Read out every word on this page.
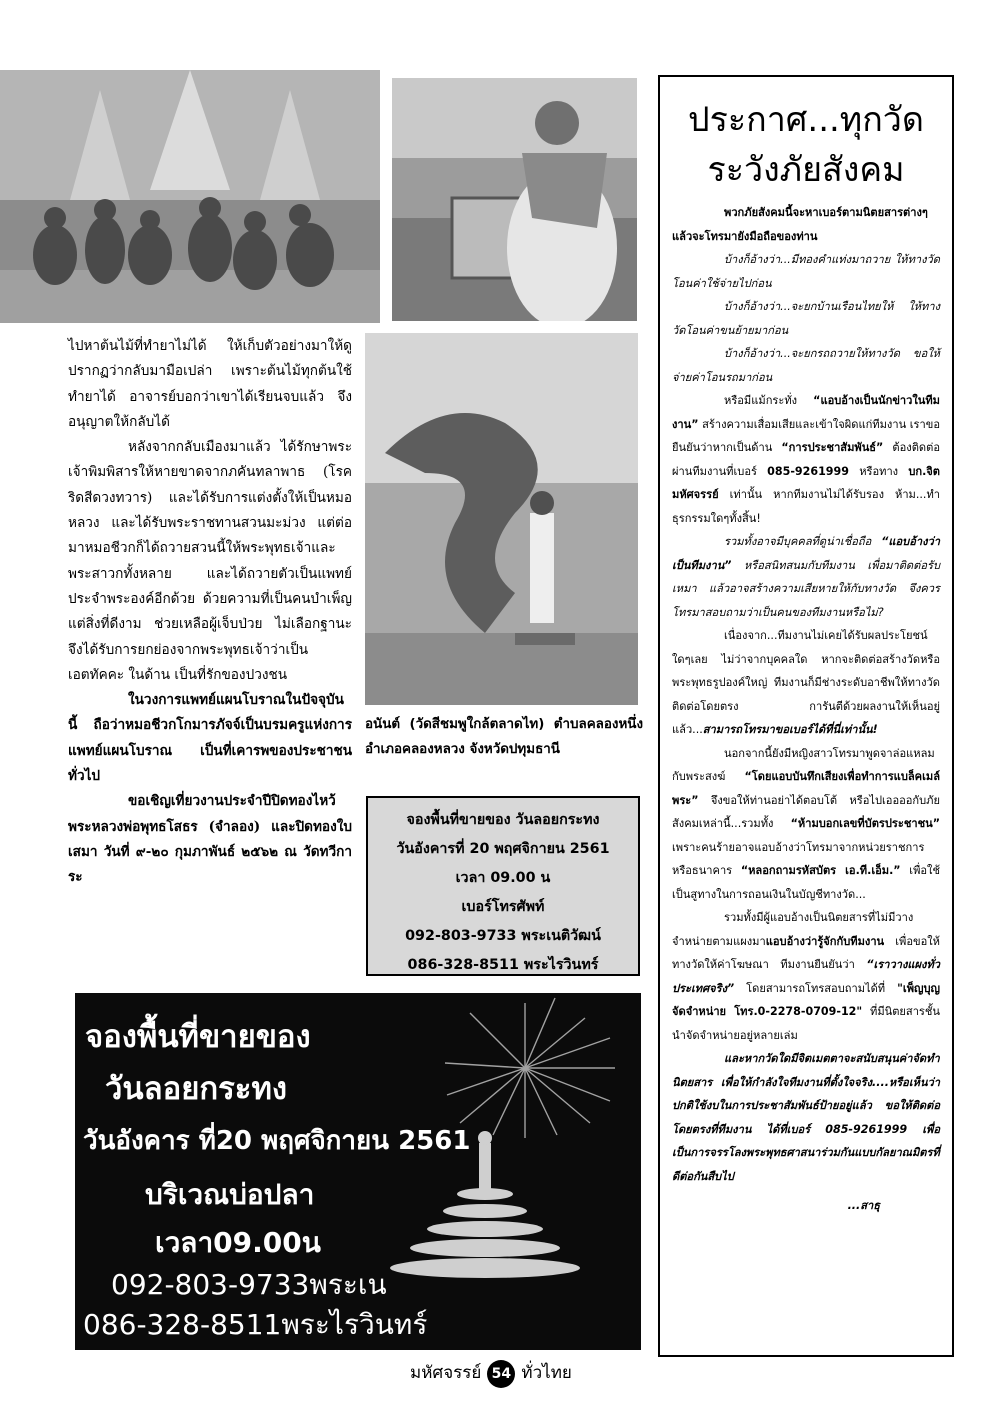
ไปหาต้นไม้ที่ทำยาไม่ได้ ให้เก็บตัวอย่างมาให้ดู ปรากฏว่ากลับมามือเปล่า เพราะต้นไม้ทุกต้นใช้ทำยาได้ อาจารย์บอกว่าเขาได้เรียนจบแล้ว จึงอนุญาตให้กลับได้

หลังจากกลับเมืองมาแล้ว ได้รักษาพระเจ้าพิมพิสารให้หายขาดจากภคันทลาพาธ (โรคริดสีดวงทวาร) และได้รับการแต่งตั้งให้เป็นหมอหลวง และได้รับพระราชทานสวนมะม่วง แต่ต่อมาหมอชีวกก็ได้ถวายสวนนี้ให้พระพุทธเจ้าและพระสาวกทั้งหลาย และได้ถวายตัวเป็นแพทย์ประจำพระองค์อีกด้วย ด้วยความที่เป็นคนบำเพ็ญแต่สิ่งที่ดีงาม ช่วยเหลือผู้เจ็บป่วย ไม่เลือกฐานะ จึงได้รับการยกย่องจากพระพุทธเจ้าว่าเป็นเอตทัคคะ ในด้าน เป็นที่รักของปวงชน

ในวงการแพทย์แผนโบราณในปัจจุบันนี้ ถือว่าหมอชีวกโกมารภัจจ์เป็นบรมครูแห่งการแพทย์แผนโบราณ เป็นที่เคารพของประชาชนทั่วไป

ขอเชิญเที่ยวงานประจำปีปิดทองไหว้พระหลวงพ่อพุทธโสธร (จำลอง) และปิดทองใบเสมา วันที่ ๙-๒๐ กุมภาพันธ์ ๒๕๖๒ ณ วัดทวีการะ

อนันต์ (วัดสีชมพูใกล้ตลาดไท) ตำบลคลองหนึ่ง อำเภอคลองหลวง จังหวัดปทุมธานี
จองพื้นที่ขายของ วันลอยกระทง
วันอังคารที่ 20 พฤศจิกายน 2561
เวลา 09.00 น
เบอร์โทรศัพท์
092-803-9733 พระเนติวัฒน์
086-328-8511 พระไรวินทร์
จองพื้นที่ขายของ
วันลอยกระทง
วันอังคาร ที่20 พฤศจิกายน 2561
บริเวณบ่อปลา
เวลา09.00น
092-803-9733พระเน
086-328-8511พระไรวินทร์
ประกาศ...ทุกวัด
ระวังภัยสังคม

พวกภัยสังคมนี้จะหาเบอร์ตามนิตยสารต่างๆ แล้วจะโทรมายังมือถือของท่าน

บ้างก็อ้างว่า...มีทองคำแท่งมาถวาย ให้ทางวัดโอนค่าใช้จ่ายไปก่อน

บ้างก็อ้างว่า...จะยกบ้านเรือนไทยให้ ให้ทางวัดโอนค่าขนย้ายมาก่อน

บ้างก็อ้างว่า...จะยกรถถวายให้ทางวัด ขอให้จ่ายค่าโอนรถมาก่อน

หรือมีแม้กระทั่ง “แอบอ้างเป็นนักข่าวในทีมงาน” สร้างความเสื่อมเสียและเข้าใจผิดแก่ทีมงาน เราขอยืนยันว่าหากเป็นด้าน “การประชาสัมพันธ์” ต้องติดต่อผ่านทีมงานที่เบอร์ 085-9261999 หรือทาง บก.จิต มหัศจรรย์ เท่านั้น หากทีมงานไม่ได้รับรอง ห้าม...ทำธุรกรรมใดๆทั้งสิ้น!

รวมทั้งอาจมีบุคคลที่ดูน่าเชื่อถือ “แอบอ้างว่าเป็นทีมงาน” หรือสนิทสนมกับทีมงาน เพื่อมาติดต่อรับเหมา แล้วอาจสร้างความเสียหายให้กับทางวัด จึงควรโทรมาสอบถามว่าเป็นคนของทีมงานหรือไม่?

เนื่องจาก...ทีมงานไม่เคยได้รับผลประโยชน์ใดๆเลย ไม่ว่าจากบุคคลใด หากจะติดต่อสร้างวัดหรือพระพุทธรูปองค์ใหญ่ ทีมงานก็มีช่างระดับอาชีพให้ทางวัดติดต่อโดยตรง การันตีด้วยผลงานให้เห็นอยู่แล้ว...สามารถโทรมาขอเบอร์ได้ที่นี่เท่านั้น!

นอกจากนี้ยังมีหญิงสาวโทรมาพูดจาล่อแหลมกับพระสงฆ์ “โดยแอบบันทึกเสียงเพื่อทำการแบล็คเมล์พระ” จึงขอให้ท่านอย่าได้ตอบโต้ หรือไปเออออกับภัยสังคมเหล่านี้...รวมทั้ง “ห้ามบอกเลขที่บัตรประชาชน” เพราะคนร้ายอาจแอบอ้างว่าโทรมาจากหน่วยราชการหรือธนาคาร “หลอกถามรหัสบัตร เอ.ที.เอ็ม.” เพื่อใช้เป็นสูทางในการถอนเงินในบัญชีทางวัด...

รวมทั้งมีผู้แอบอ้างเป็นนิตยสารที่ไม่มีวางจำหน่ายตามแผงมาแอบอ้างว่ารู้จักกับทีมงาน เพื่อขอให้ทางวัดให้ค่าโฆษณา ทีมงานยืนยันว่า “เราวางแผงทั่วประเทศจริง” โดยสามารถโทรสอบถามได้ที่ "เพ็ญบุญ จัดจำหน่าย โทร.0-2278-0709-12" ที่มีนิตยสารชั้นนำจัดจำหน่ายอยู่หลายเล่ม

และหากวัดใดมีจิตเมตตาจะสนับสนุนค่าจัดทำนิตยสาร เพื่อให้กำลังใจทีมงานที่ตั้งใจจริง....หรือเห็นว่าปกติใช้งบในการประชาสัมพันธ์ป้ายอยู่แล้ว ขอให้ติดต่อโดยตรงที่ทีมงาน ได้ที่เบอร์ 085-9261999 เพื่อเป็นการจรรโลงพระพุทธศาสนาร่วมกันแบบกัลยาณมิตรที่ดีต่อกันสืบไป

...สาธุ

มหัศจรรย์ 54 ทั่วไทย
